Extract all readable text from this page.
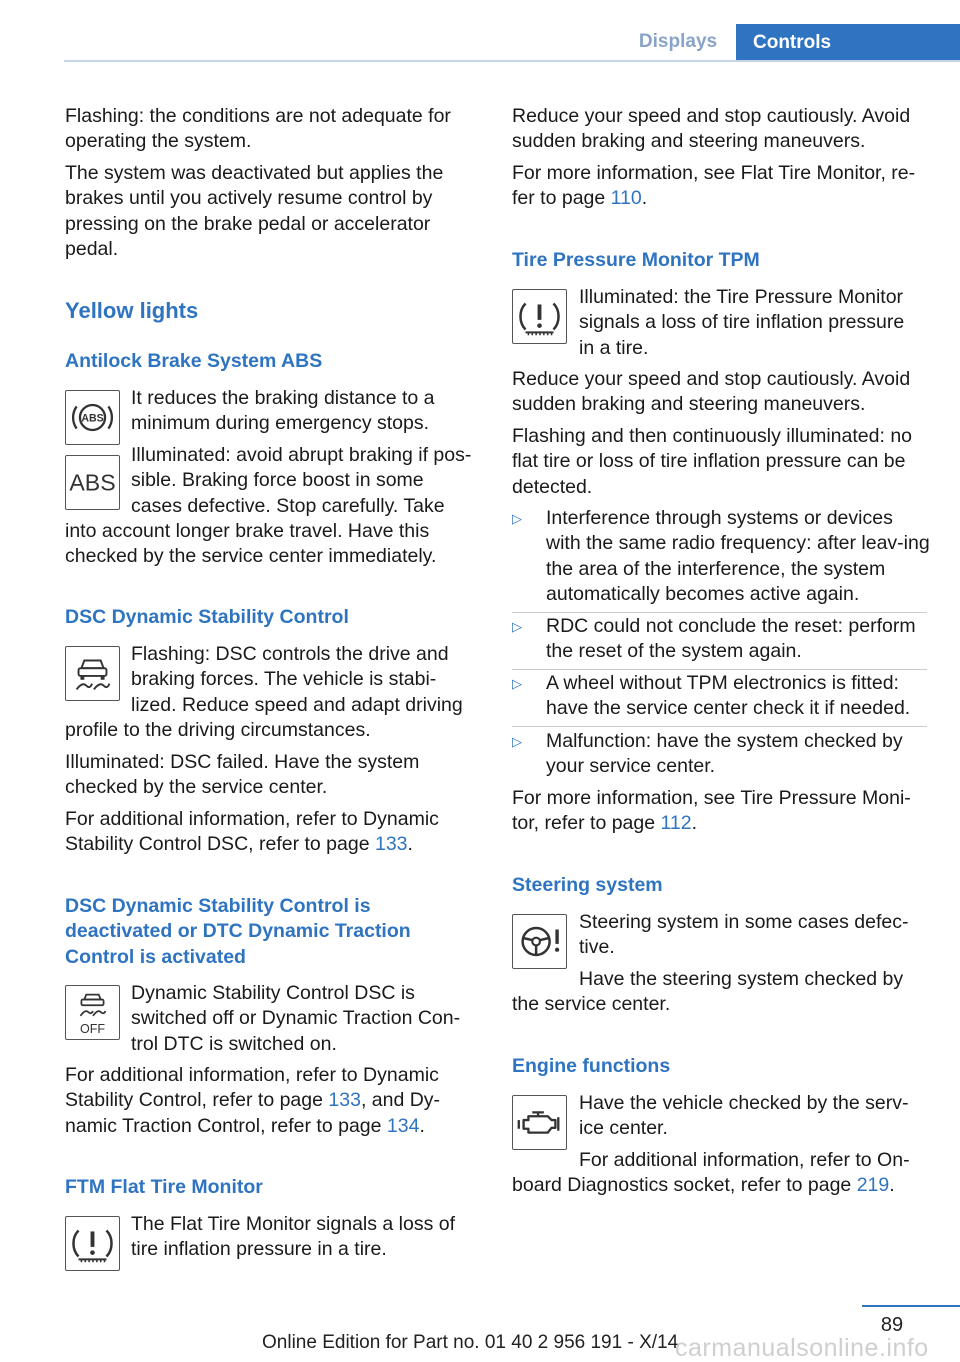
Displays	Controls
Flashing: the conditions are not adequate for operating the system.
The system was deactivated but applies the brakes until you actively resume control by pressing on the brake pedal or accelerator pedal.
Yellow lights
Antilock Brake System ABS
ABS
It reduces the braking distance to a minimum during emergency stops.
ABS
Illuminated: avoid abrupt braking if pos-
sible. Braking force boost in some
cases defective. Stop carefully. Take
into account longer brake travel. Have this checked by the service center immediately.
DSC Dynamic Stability Control
Flashing: DSC controls the drive and
braking forces. The vehicle is stabi-
lized. Reduce speed and adapt driving
profile to the driving circumstances.
Illuminated: DSC failed. Have the system checked by the service center.
For additional information, refer to Dynamic Stability Control DSC, refer to page 133.
DSC Dynamic Stability Control is
deactivated or DTC Dynamic Traction
Control is activated
OFF
Dynamic Stability Control DSC is
switched off or Dynamic Traction Con-
trol DTC is switched on.
For additional information, refer to Dynamic Stability Control, refer to page 133, and Dy-namic Traction Control, refer to page 134.
FTM Flat Tire Monitor
The Flat Tire Monitor signals a loss of
tire inflation pressure in a tire.
Reduce your speed and stop cautiously. Avoid sudden braking and steering maneuvers.
For more information, see Flat Tire Monitor, re-fer to page 110.
Tire Pressure Monitor TPM
Illuminated: the Tire Pressure Monitor
signals a loss of tire inflation pressure
in a tire.
Reduce your speed and stop cautiously. Avoid sudden braking and steering maneuvers.
Flashing and then continuously illuminated: no flat tire or loss of tire inflation pressure can be detected.
▷ Interference through systems or devices with the same radio frequency: after leav-ing the area of the interference, the system automatically becomes active again.
▷ RDC could not conclude the reset: perform the reset of the system again.
▷ A wheel without TPM electronics is fitted: have the service center check it if needed.
▷ Malfunction: have the system checked by your service center.
For more information, see Tire Pressure Moni-tor, refer to page 112.
Steering system
Steering system in some cases defec-
tive.
Have the steering system checked by
the service center.
Engine functions
Have the vehicle checked by the serv-
ice center.
For additional information, refer to On-
board Diagnostics socket, refer to page 219.
89
Online Edition for Part no. 01 40 2 956 191 - X/14
carmanualsonline.info
